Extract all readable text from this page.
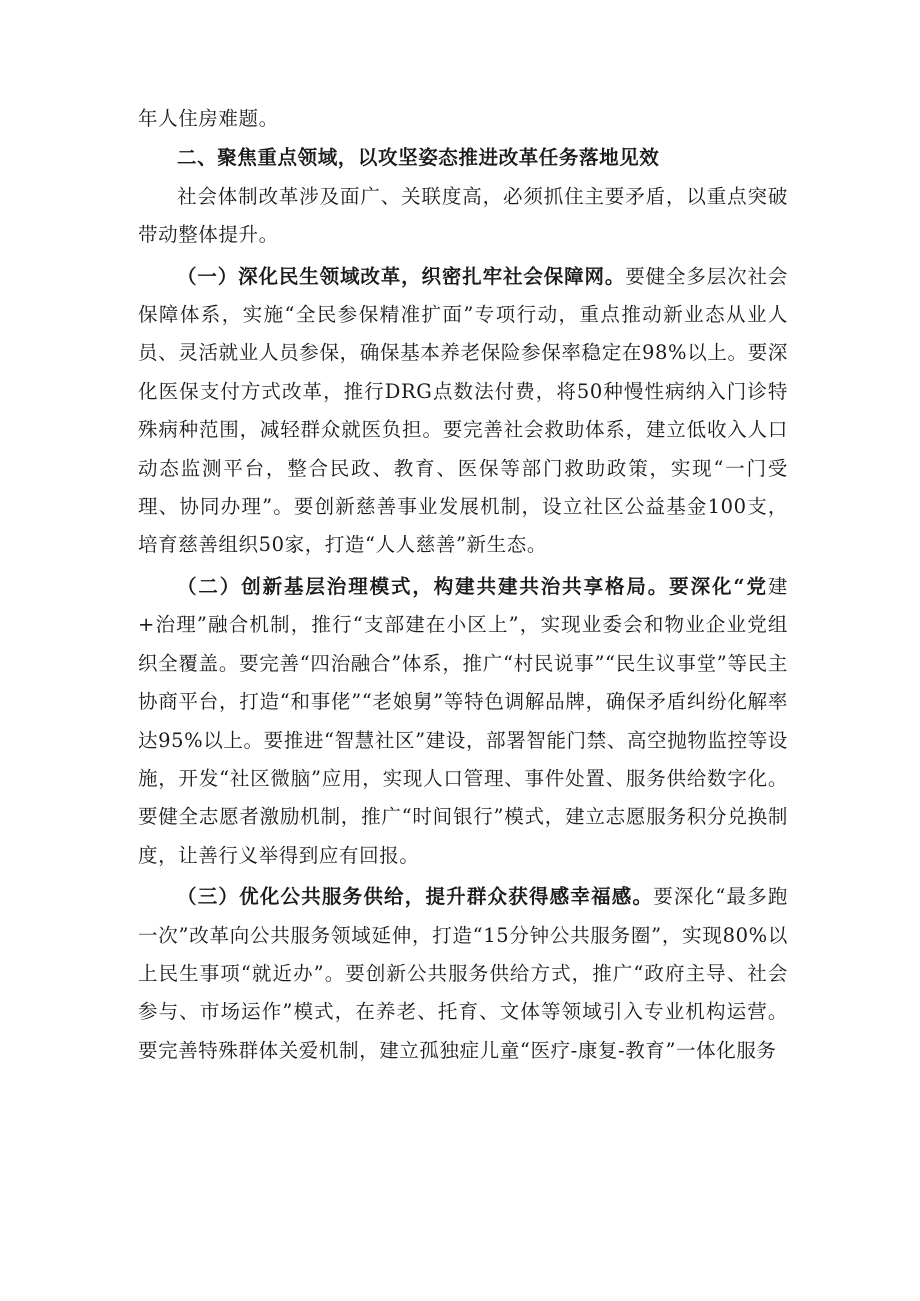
年人住房难题。

二、聚焦重点领域，以攻坚姿态推进改革任务落地见效

社会体制改革涉及面广、关联度高，必须抓住主要矛盾，以重点突破带动整体提升。

（一）深化民生领域改革，织密扎牢社会保障网。要健全多层次社会保障体系，实施“全民参保精准扩面”专项行动，重点推动新业态从业人员、灵活就业人员参保，确保基本养老保险参保率稳定在98%以上。要深化医保支付方式改革，推行DRG点数法付费，将50种慢性病纳入门诊特殊病种范围，减轻群众就医负担。要完善社会救助体系，建立低收入人口动态监测平台，整合民政、教育、医保等部门救助政策，实现“一门受理、协同办理”。要创新慈善事业发展机制，设立社区公益基金100支，培育慈善组织50家，打造“人人慈善”新生态。

（二）创新基层治理模式，构建共建共治共享格局。要深化“党建+治理”融合机制，推行“支部建在小区上”，实现业委会和物业企业党组织全覆盖。要完善“四治融合”体系，推广“村民说事”“民生议事堂”等民主协商平台，打造“和事佬”“老娘舅”等特色调解品牌，确保矛盾纠纷化解率达95%以上。要推进“智慧社区”建设，部署智能门禁、高空抛物监控等设施，开发“社区微脑”应用，实现人口管理、事件处置、服务供给数字化。要健全志愿者激励机制，推广“时间银行”模式，建立志愿服务积分兑换制度，让善行义举得到应有回报。

（三）优化公共服务供给，提升群众获得感幸福感。要深化“最多跑一次”改革向公共服务领域延伸，打造“15分钟公共服务圈”，实现80%以上民生事项“就近办”。要创新公共服务供给方式，推广“政府主导、社会参与、市场运作”模式，在养老、托育、文体等领域引入专业机构运营。要完善特殊群体关爱机制，建立孤独症儿童“医疗-康复-教育”一体化服务
